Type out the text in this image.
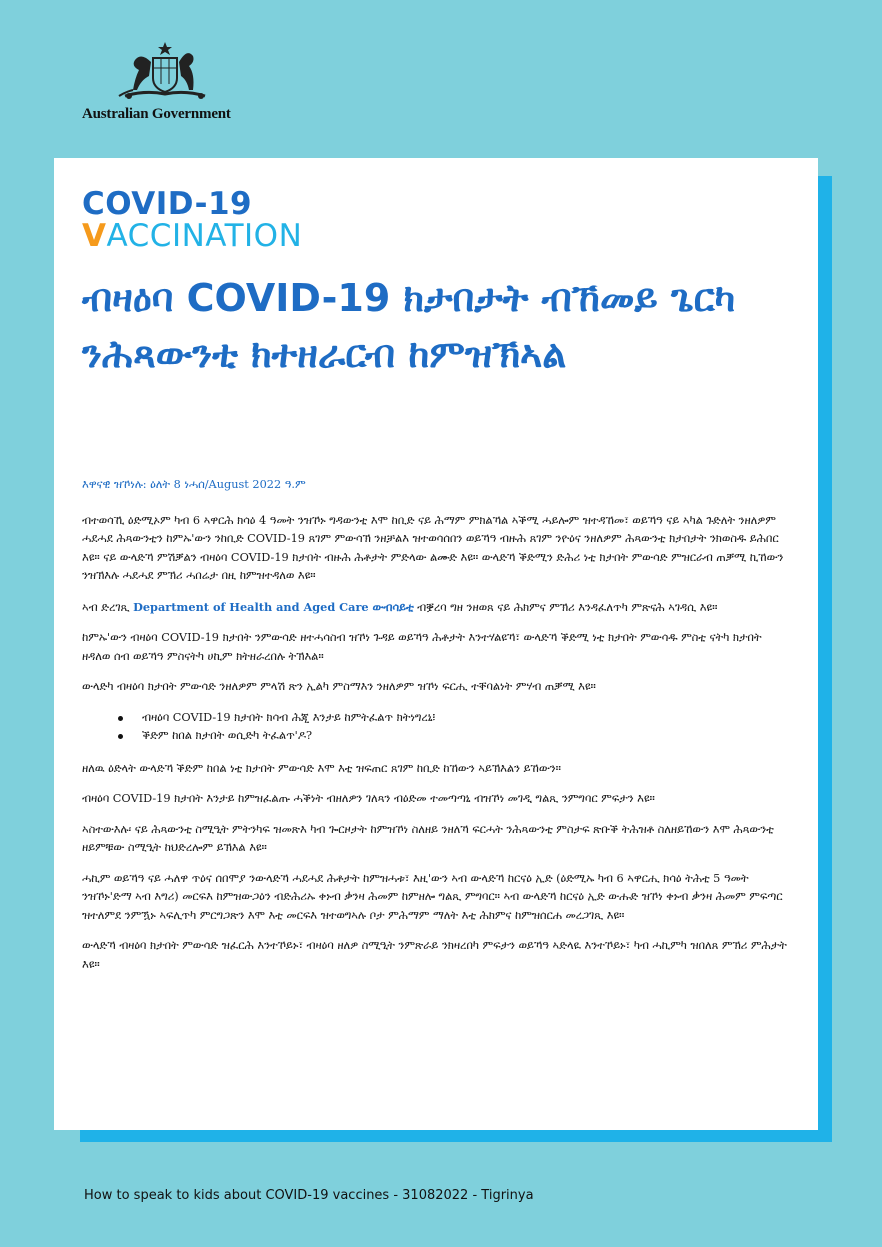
Australian Government
COVID-19
VACCINATION
ብዛዕባ COVID-19 ክታበታት ብኸመይ ጌርካ ንሕጻውንቲ ክተዘራርብ ከምዝኽኣል
እዋናዊ ዝኾነሉ: ዕለት 8 ነሓሰ/August 2022 ዓ.ም

ብተወሳኺ ዕድሚኦም ካብ 6 ኣዋርሕ ክሳዕ 4 ዓመት ንዝኾኑ ግዳውንቲ እሞ ከቢድ ናይ ሕማም ምክልኻል ኣቕሚ ሓይሎም ዝተዳኸመ፣ ወይኻዓ ናይ ኣካል ጉድለት ንዘለዎም ሓደሓደ ሕጻውንቲን ከምኡ'ውን ንከቢድ COVID-19 ጸገም ምውሳኽ ንዘቻልእ ዝተወሳሰበን ወይኻዓ ብዙሕ ጸገም ንዮዕና ንዘለዎም ሕጻውንቲ ክታበታት ንክወስዱ ይሕበር እዩ። ናይ ውላድኻ ምሽቓልን ብዛዕባ COVID-19 ክታበት ብዙሕ ሕቶታት ምድላው ልሙድ እዩ። ውላድኻ ቕድሚን ድሕሪ ነቲ ክታበት ምውሳድ ምዝርራብ ጠቓሚ ኪኸውን ንዝኽእሉ ሓደሓደ ምኽሪ ሓበሬታ በዚ ከምዝተዳለወ እዩ።

ኣብ ድረገጺ Department of Health and Aged Care ውብሳይቲ ብቛረባ ግዘ ንዘወጸ ናይ ሕክምና ምኽሪ እንዳፈለጥካ ምጽናሕ ኣገዳሲ እዩ።

ከምኡ'ውን ብዛዕባ COVID-19 ክታበት ንምውሳድ ዘተሓሳስብ ዝኾነ ጉዳይ ወይኻዓ ሕቶታት እንተሃልዩኻ፣ ውላድኻ ቕድሚ ነቲ ክታበት ምውሳዱ ምስቲ ናትካ ክታበት ዘዳለወ ሰብ ወይኻዓ ምስናትካ ሀኪም ክትዘራረበሉ ትኽእል።

ውላድካ ብዛዕባ ክታበት ምውሳድ ንዘለዎም ምላሽ ጽን ኢልካ ምስማእን ንዘለዎም ዝኾነ ፍርሒ ተቐባልነት ምሃብ ጠቓሚ እዩ።

ብዛዕባ COVID-19 ክታበት ክሳብ ሕጂ እንታይ ከምትፈልጥ ክትነግረኒ፧
ቕድም ከበል ክታበት ወሲድካ ትፈልጥ'ዶ?

ዘለዉ ዕድላት ውላድኻ ቕድም ከበል ነቲ ክታበት ምውሳድ እሞ እቲ ዝፍጠር ጸገም ከቢድ ከኸውን ኣይኽእልን ይኸውን።

ብዛዕባ COVID-19 ክታበት እንታይ ከምዝፈልጡ ሓቕነት ብዘለዎን ገለጻን ብዕድመ ተመጣጣኒ ብዝኾነ መገዲ ግልጺ ንምግባር ምፍታን እዩ።

ኣስተውእሉ፡ ናይ ሕጻውንቲ ስሚዒት ምትንካፍ ዝመጽእ ካብ ጐርዞታት ከምዝኾነ ስለዘይ ንዘለኻ ፍርሓት ንሕጻውንቲ ምስታፍ ጽቡቕ ትሕዝቶ ስለዘይኸውን እሞ ሕጻውንቲ ዘይምቹው ስሚዒት ከህድረሎም ይኽእል እዩ።

ሓኪም ወይኻዓ ናይ ሓለዋ ጥዕና ሰበሞያ ንውላድኻ ሓደሓደ ሕቶታት ከምዝሓቱ፣ እዚ'ውን ኣብ ውላድኻ ከርናዕ ኢድ (ዕድሚኡ ካብ 6 ኣዋርሒ ክሳዕ ትሕቲ 5 ዓመት ንዝኾኑ'ድማ ኣብ እግሪ) መርፍእ ከምዝውጋዕን ብድሕሪኡ ቀኑብ ቃንዛ ሕመም ከምዘሎ ግልጺ ምግባር። ኣብ ውላድኻ ከርናዕ ኢድ ውሑድ ዝኾነ ቀኑብ ቃንዛ ሕመም ምፍጣር ዝተለምደ ንምዃኑ ኣፍሊጥካ ምርግጋጽን እሞ እቲ መርፍእ ዝተወግኣሉ ቦታ ምሕማም ማለት እቲ ሕክምና ከምዝሰርሐ መረጋገጺ እዩ።

ውላድኻ ብዛዕባ ክታበት ምውሳድ ዝፈርሕ እንተኾይኑ፣ ብዛዕባ ዘለዎ ስሚዒት ንምጽራይ ንክዛረበካ ምፍታን ወይኻዓ ኣድላዪ እንተኾይኑ፣ ካብ ሓኪምካ ዝበለጸ ምኽሪ ምሕታት እዩ።

How to speak to kids about COVID-19 vaccines - 31082022 - Tigrinya
